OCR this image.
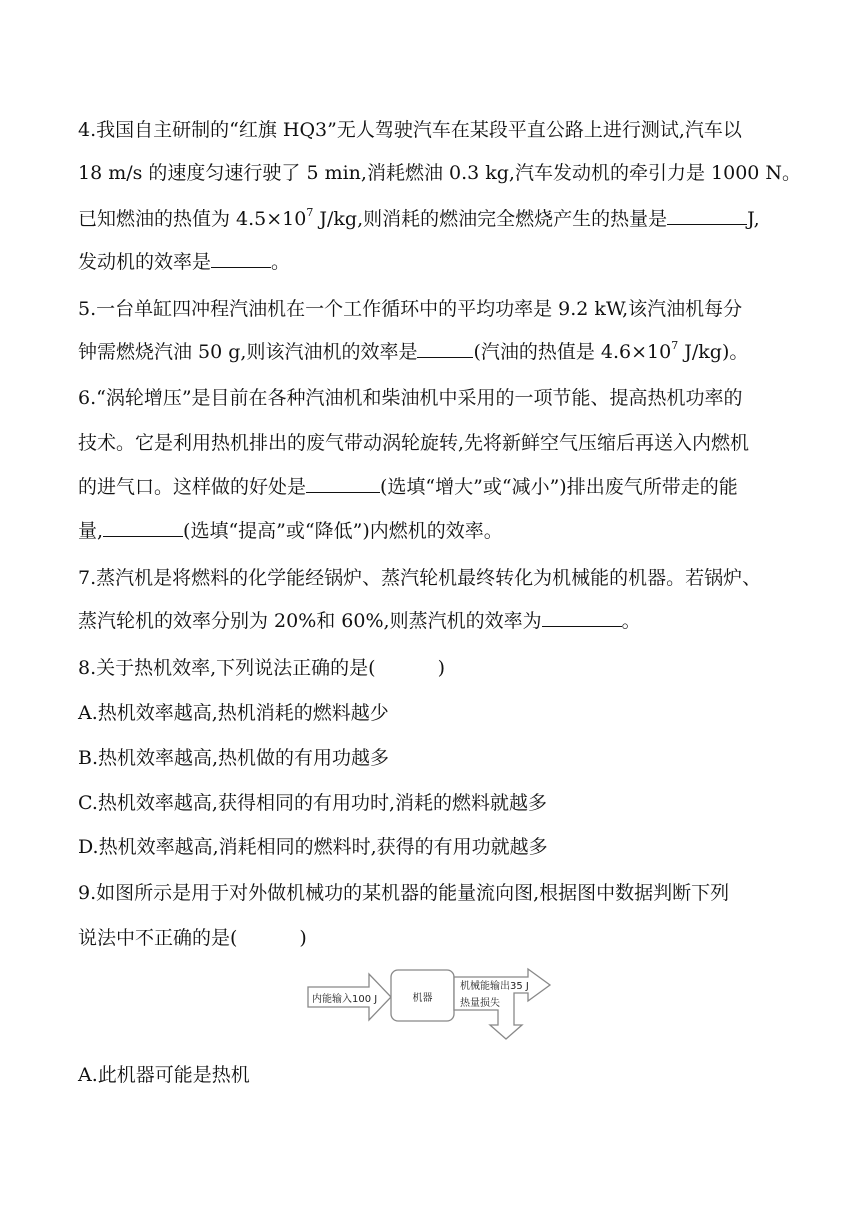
4.我国自主研制的“红旗 HQ3”无人驾驶汽车在某段平直公路上进行测试,汽车以
18 m/s 的速度匀速行驶了 5 min,消耗燃油 0.3 kg,汽车发动机的牵引力是 1000 N。
已知燃油的热值为 $4.5\times 10^7$ J/kg,则消耗的燃油完全燃烧产生的热量是	J,
发动机的效率是	。
5.一台单缸四冲程汽油机在一个工作循环中的平均功率是 9.2 kW,该汽油机每分
钟需燃烧汽油 50 g,则该汽油机的效率是	(汽油的热值是 $4.6\times 10^7$ J/kg)。
6.“涡轮增压”是目前在各种汽油机和柴油机中采用的一项节能、提高热机功率的
技术。它是利用热机排出的废气带动涡轮旋转,先将新鲜空气压缩后再送入内燃机
的进气口。这样做的好处是	(选填“增大”或“减小”)排出废气所带走的能
量,	(选填“提高”或“降低”)内燃机的效率。
7.蒸汽机是将燃料的化学能经锅炉、蒸汽轮机最终转化为机械能的机器。若锅炉、
蒸汽轮机的效率分别为 20%和 60%,则蒸汽机的效率为	。
8.关于热机效率,下列说法正确的是(	)
A.热机效率越高,热机消耗的燃料越少
B.热机效率越高,热机做的有用功越多
C.热机效率越高,获得相同的有用功时,消耗的燃料就越多
D.热机效率越高,消耗相同的燃料时,获得的有用功就越多
9.如图所示是用于对外做机械功的某机器的能量流向图,根据图中数据判断下列
说法中不正确的是(	)
内能输入100 J	机器
机械能输出35 J
热量损失
A.此机器可能是热机
